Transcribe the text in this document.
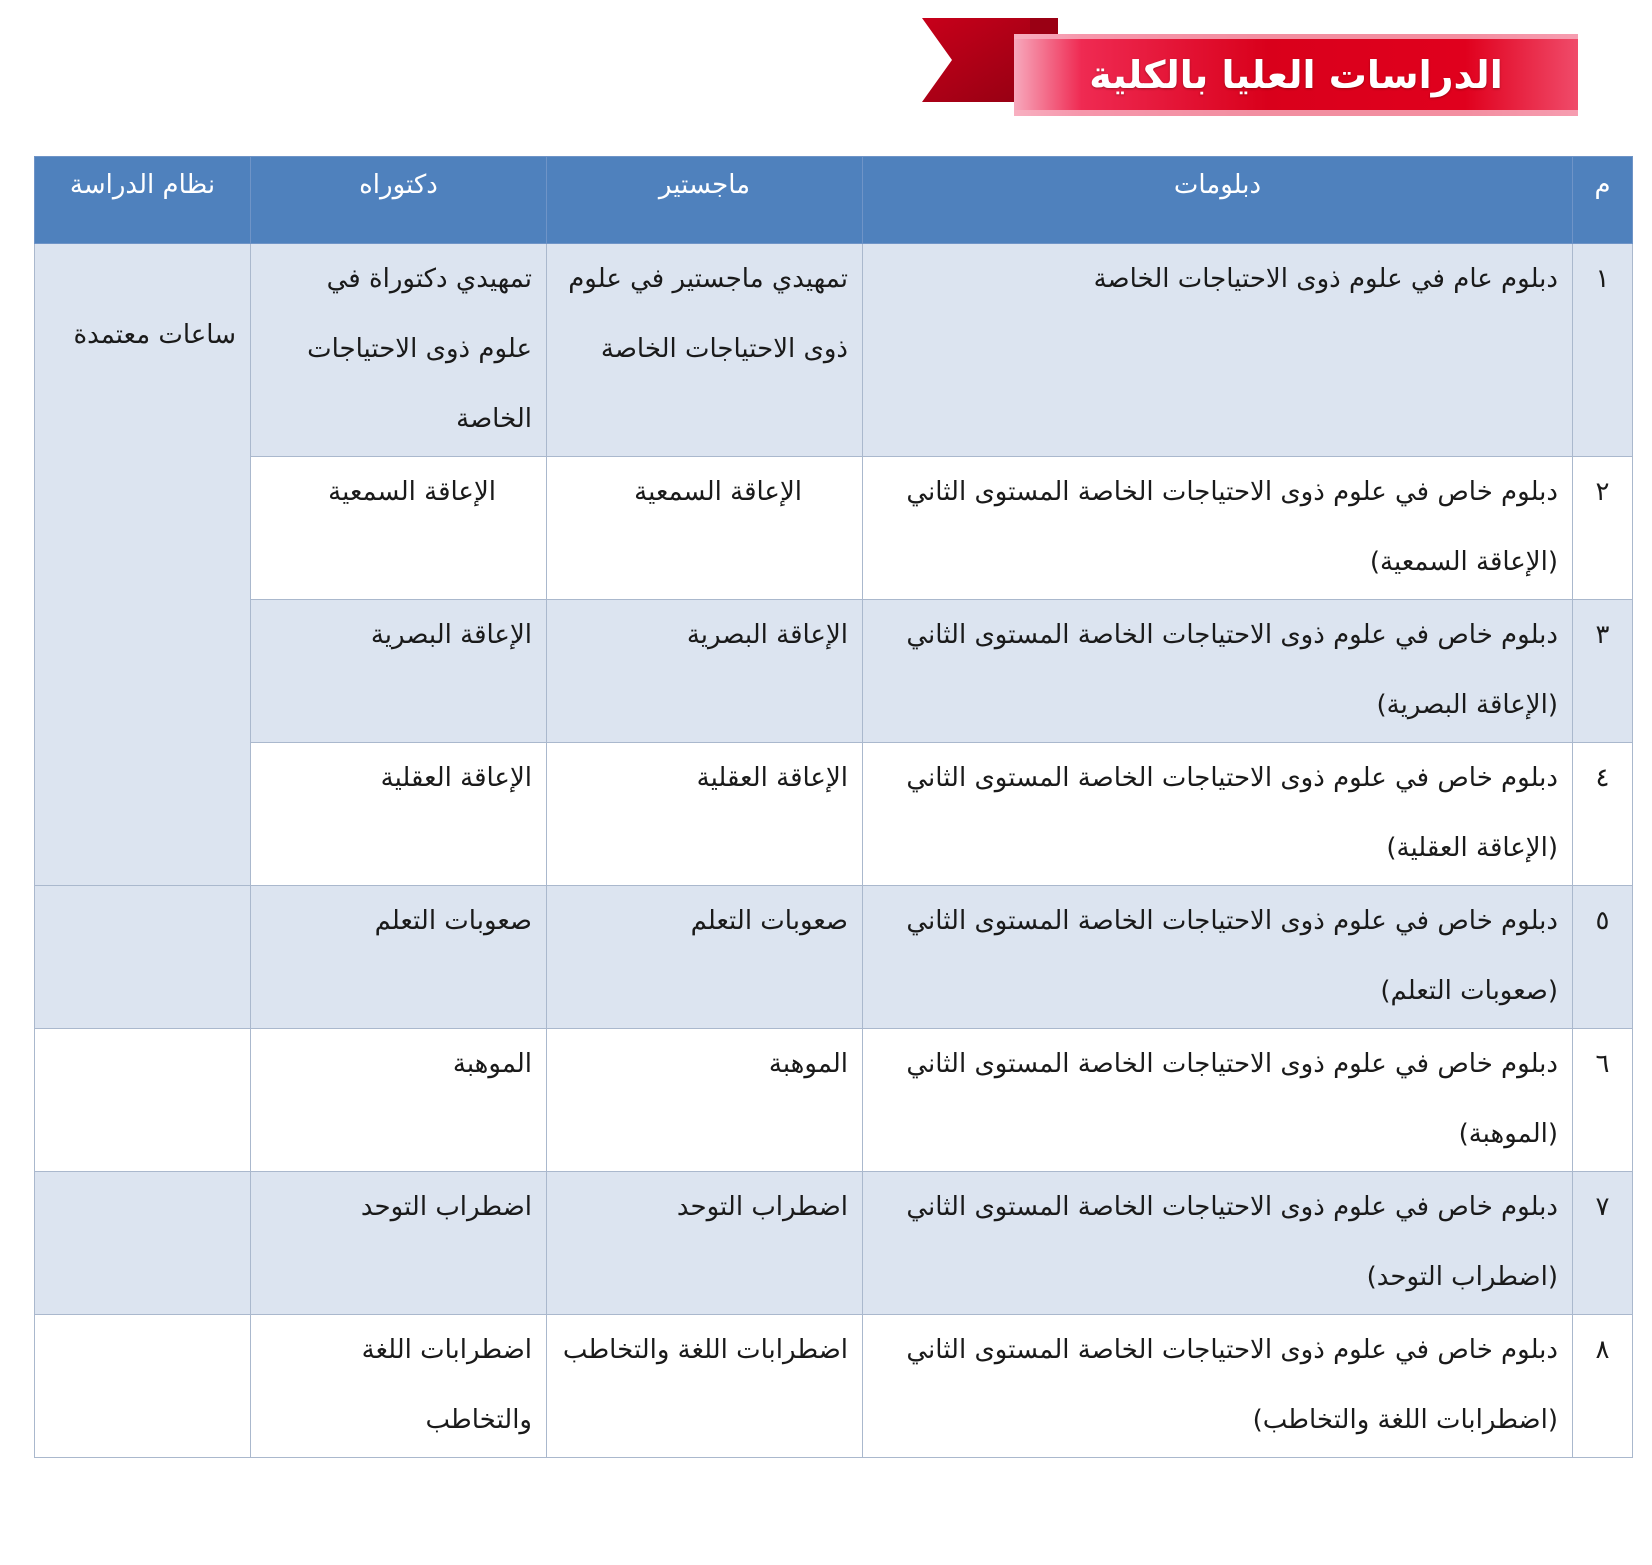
الدراسات العليا بالكلية
م	دبلومات	ماجستير	دكتوراه	نظام الدراسة
١	دبلوم عام في علوم ذوى الاحتياجات الخاصة	تمهيدي ماجستير في علوم ذوى الاحتياجات الخاصة	تمهيدي دكتوراة في علوم ذوى الاحتياجات الخاصة	ساعات معتمدة
٢	دبلوم خاص في علوم ذوى الاحتياجات الخاصة المستوى الثاني (الإعاقة السمعية)	الإعاقة السمعية	الإعاقة السمعية	
٣	دبلوم خاص في علوم ذوى الاحتياجات الخاصة المستوى الثاني (الإعاقة البصرية)	الإعاقة البصرية	الإعاقة البصرية	
٤	دبلوم خاص في علوم ذوى الاحتياجات الخاصة المستوى الثاني (الإعاقة العقلية)	الإعاقة العقلية	الإعاقة العقلية	
٥	دبلوم خاص في علوم ذوى الاحتياجات الخاصة المستوى الثاني (صعوبات التعلم)	صعوبات التعلم	صعوبات التعلم	
٦	دبلوم خاص في علوم ذوى الاحتياجات الخاصة المستوى الثاني (الموهبة)	الموهبة	الموهبة	
٧	دبلوم خاص في علوم ذوى الاحتياجات الخاصة المستوى الثاني (اضطراب التوحد)	اضطراب التوحد	اضطراب التوحد	
٨	دبلوم خاص في علوم ذوى الاحتياجات الخاصة المستوى الثاني (اضطرابات اللغة والتخاطب)	اضطرابات اللغة والتخاطب	اضطرابات اللغة والتخاطب	
